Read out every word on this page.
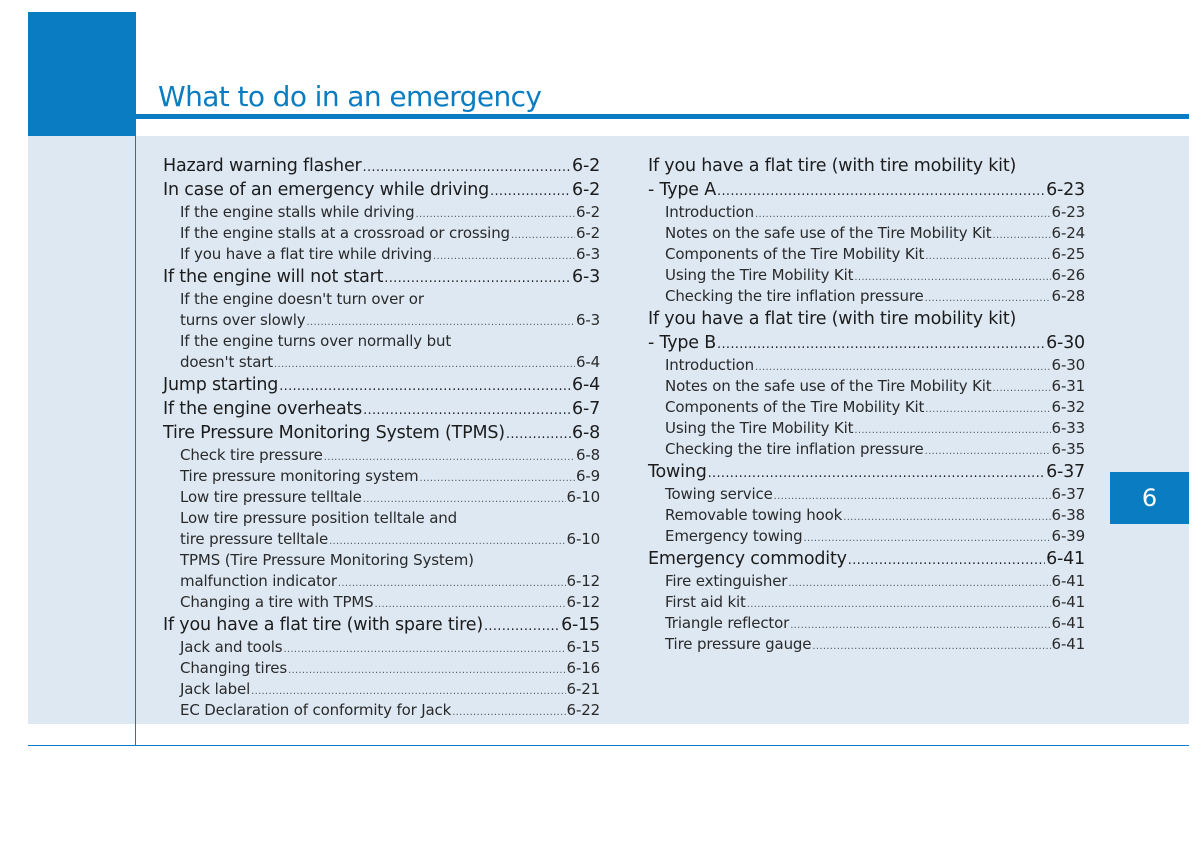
What to do in an emergency
6
Hazard warning flasher .....	6-2
In case of an emergency while driving .....	6-2
If the engine stalls while driving .....	6-2
If the engine stalls at a crossroad or crossing .....	6-2
If you have a flat tire while driving .....	6-3
If the engine will not start .....	6-3
If the engine doesn't turn over or
turns over slowly .....	6-3
If the engine turns over normally but
doesn't start .....	6-4
Jump starting .....	6-4
If the engine overheats .....	6-7
Tire Pressure Monitoring System (TPMS) .....	6-8
Check tire pressure .....	6-8
Tire pressure monitoring system .....	6-9
Low tire pressure telltale .....	6-10
Low tire pressure position telltale and
tire pressure telltale .....	6-10
TPMS (Tire Pressure Monitoring System)
malfunction indicator .....	6-12
Changing a tire with TPMS .....	6-12
If you have a flat tire (with spare tire) .....	6-15
Jack and tools .....	6-15
Changing tires .....	6-16
Jack label .....	6-21
EC Declaration of conformity for Jack .....	6-22
If you have a flat tire (with tire mobility kit)
- Type A .....	6-23
Introduction .....	6-23
Notes on the safe use of the Tire Mobility Kit .....	6-24
Components of the Tire Mobility Kit .....	6-25
Using the Tire Mobility Kit .....	6-26
Checking the tire inflation pressure .....	6-28
If you have a flat tire (with tire mobility kit)
- Type B .....	6-30
Introduction .....	6-30
Notes on the safe use of the Tire Mobility Kit .....	6-31
Components of the Tire Mobility Kit .....	6-32
Using the Tire Mobility Kit .....	6-33
Checking the tire inflation pressure .....	6-35
Towing .....	6-37
Towing service .....	6-37
Removable towing hook .....	6-38
Emergency towing .....	6-39
Emergency commodity .....	6-41
Fire extinguisher .....	6-41
First aid kit .....	6-41
Triangle reflector .....	6-41
Tire pressure gauge .....	6-41
